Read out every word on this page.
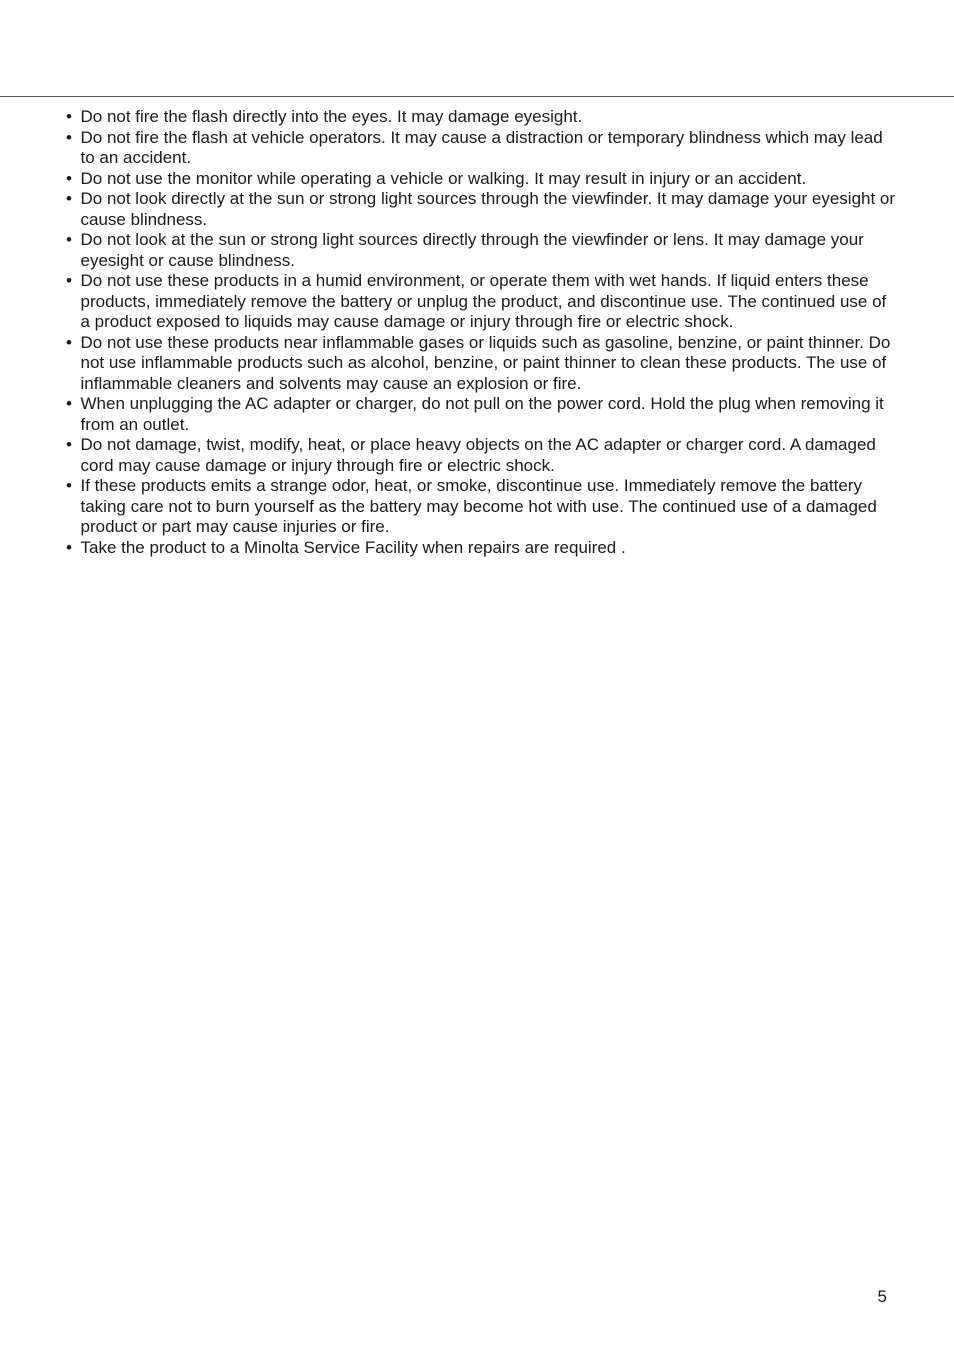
• Do not fire the flash directly into the eyes. It may damage eyesight.
• Do not fire the flash at vehicle operators. It may cause a distraction or temporary blindness which may lead to an accident.
• Do not use the monitor while operating a vehicle or walking. It may result in injury or an accident.
• Do not look directly at the sun or strong light sources through the viewfinder. It may damage your eyesight or cause blindness.
• Do not look at the sun or strong light sources directly through the viewfinder or lens. It may damage your eyesight or cause blindness.
• Do not use these products in a humid environment, or operate them with wet hands. If liquid enters these products, immediately remove the battery or unplug the product, and discontinue use. The continued use of a product exposed to liquids may cause damage or injury through fire or electric shock.
• Do not use these products near inflammable gases or liquids such as gasoline, benzine, or paint thinner. Do not use inflammable products such as alcohol, benzine, or paint thinner to clean these products. The use of inflammable cleaners and solvents may cause an explosion or fire.
• When unplugging the AC adapter or charger, do not pull on the power cord. Hold the plug when removing it from an outlet.
• Do not damage, twist, modify, heat, or place heavy objects on the AC adapter or charger cord. A damaged cord may cause damage or injury through fire or electric shock.
• If these products emits a strange odor, heat, or smoke, discontinue use. Immediately remove the battery taking care not to burn yourself as the battery may become hot with use. The continued use of a damaged product or part may cause injuries or fire.
• Take the product to a Minolta Service Facility when repairs are required .
5
